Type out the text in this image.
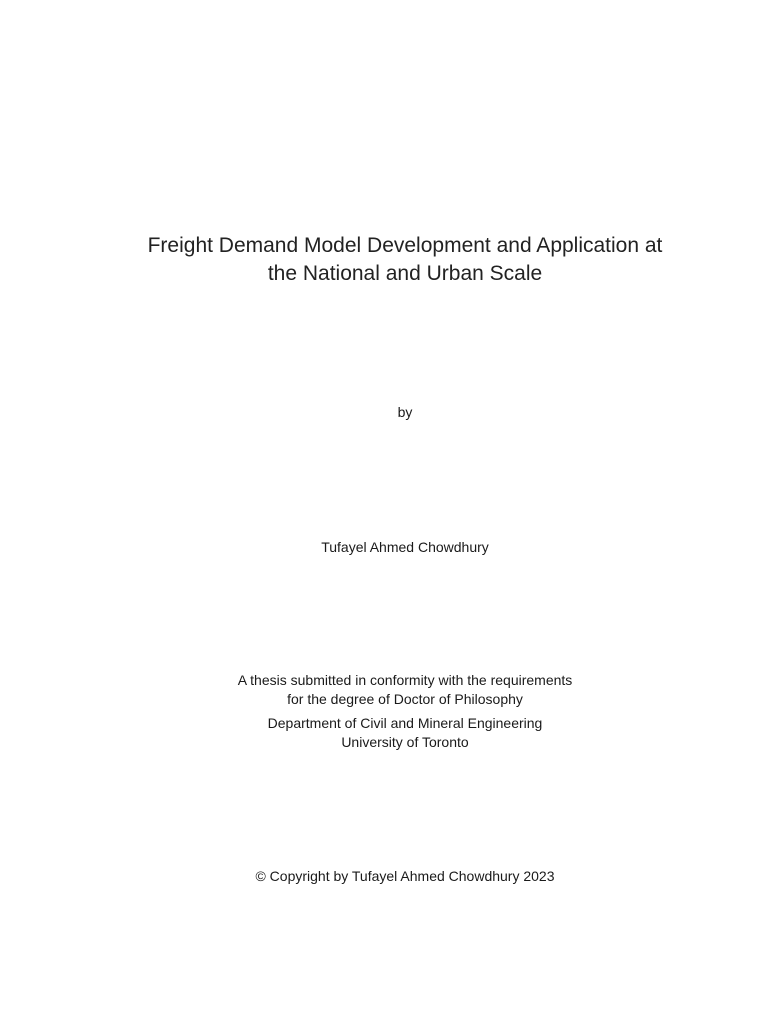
Freight Demand Model Development and Application at
the National and Urban Scale
by
Tufayel Ahmed Chowdhury
A thesis submitted in conformity with the requirements
for the degree of Doctor of Philosophy
Department of Civil and Mineral Engineering
University of Toronto
© Copyright by Tufayel Ahmed Chowdhury 2023
